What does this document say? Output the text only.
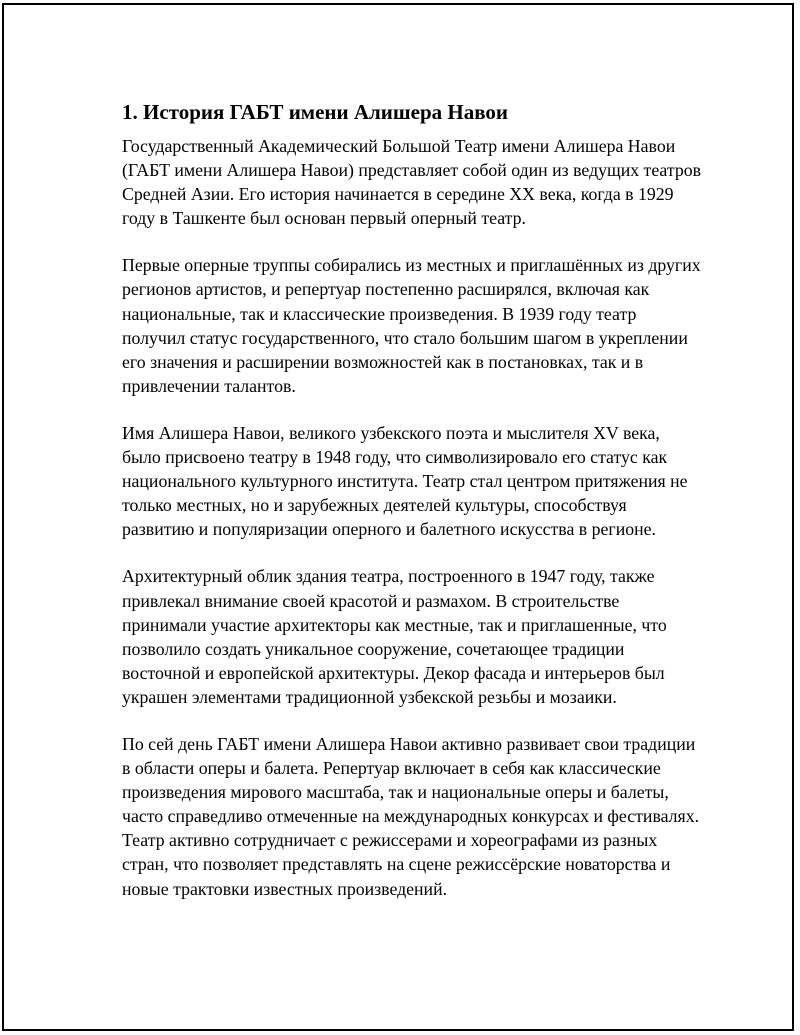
1. История ГАБТ имени Алишера Навои

Государственный Академический Большой Театр имени Алишера Навои (ГАБТ имени Алишера Навои) представляет собой один из ведущих театров Средней Азии. Его история начинается в середине XX века, когда в 1929 году в Ташкенте был основан первый оперный театр.

Первые оперные труппы собирались из местных и приглашённых из других регионов артистов, и репертуар постепенно расширялся, включая как национальные, так и классические произведения. В 1939 году театр получил статус государственного, что стало большим шагом в укреплении его значения и расширении возможностей как в постановках, так и в привлечении талантов.

Имя Алишера Навои, великого узбекского поэта и мыслителя XV века, было присвоено театру в 1948 году, что символизировало его статус как национального культурного института. Театр стал центром притяжения не только местных, но и зарубежных деятелей культуры, способствуя развитию и популяризации оперного и балетного искусства в регионе.

Архитектурный облик здания театра, построенного в 1947 году, также привлекал внимание своей красотой и размахом. В строительстве принимали участие архитекторы как местные, так и приглашенные, что позволило создать уникальное сооружение, сочетающее традиции восточной и европейской архитектуры. Декор фасада и интерьеров был украшен элементами традиционной узбекской резьбы и мозаики.

По сей день ГАБТ имени Алишера Навои активно развивает свои традиции в области оперы и балета. Репертуар включает в себя как классические произведения мирового масштаба, так и национальные оперы и балеты, часто справедливо отмеченные на международных конкурсах и фестивалях. Театр активно сотрудничает с режиссерами и хореографами из разных стран, что позволяет представлять на сцене режиссёрские новаторства и новые трактовки известных произведений.
